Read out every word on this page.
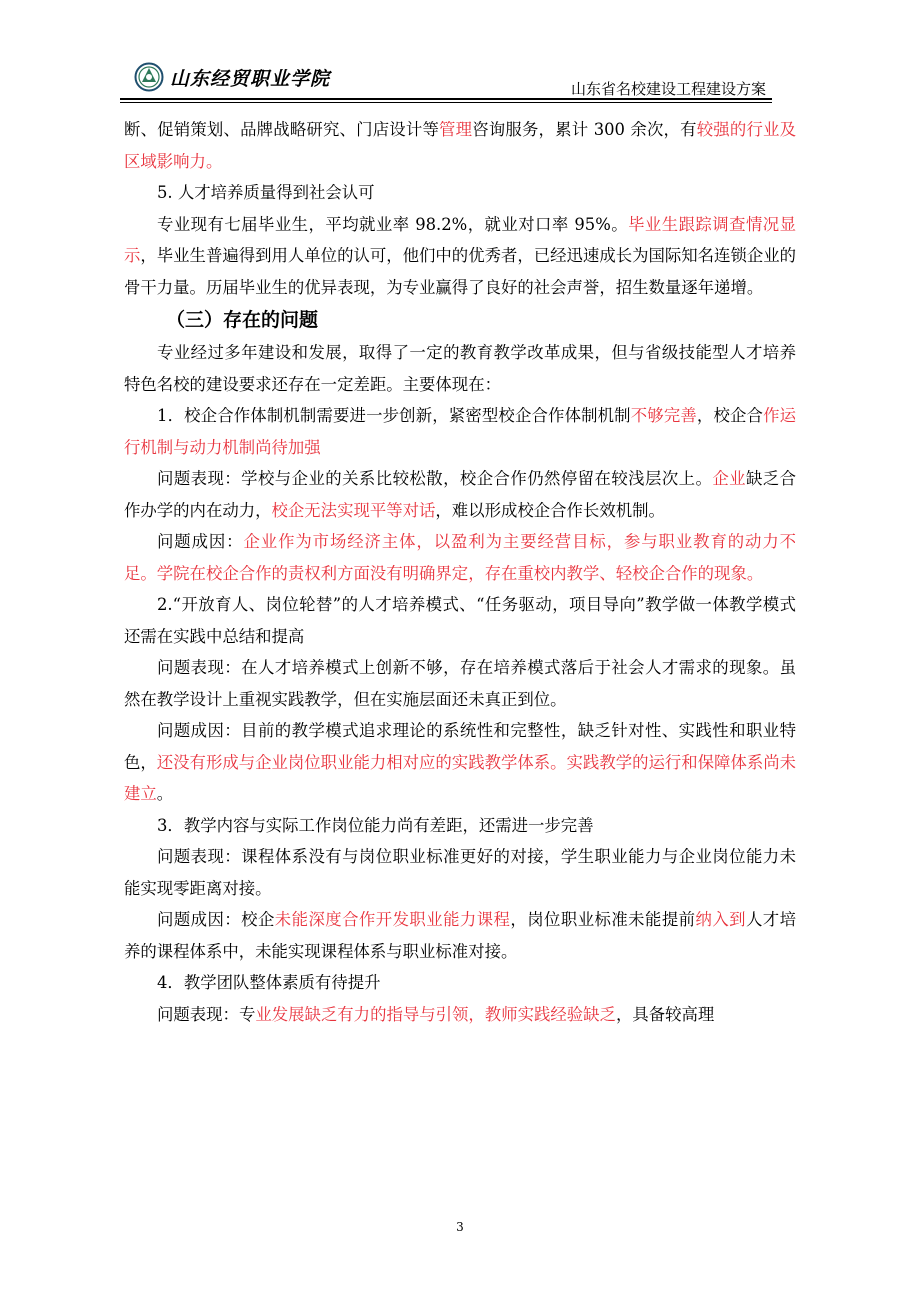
山东经贸职业学院	山东省名校建设工程建设方案

断、促销策划、品牌战略研究、门店设计等管理咨询服务，累计 300 余次，有较强的行业及区域影响力。

5. 人才培养质量得到社会认可

专业现有七届毕业生，平均就业率 98.2%，就业对口率 95%。毕业生跟踪调查情况显示，毕业生普遍得到用人单位的认可，他们中的优秀者，已经迅速成长为国际知名连锁企业的骨干力量。历届毕业生的优异表现，为专业赢得了良好的社会声誉，招生数量逐年递增。

（三）存在的问题

专业经过多年建设和发展，取得了一定的教育教学改革成果，但与省级技能型人才培养特色名校的建设要求还存在一定差距。主要体现在：

1．校企合作体制机制需要进一步创新，紧密型校企合作体制机制不够完善，校企合作运行机制与动力机制尚待加强

问题表现：学校与企业的关系比较松散，校企合作仍然停留在较浅层次上。企业缺乏合作办学的内在动力，校企无法实现平等对话，难以形成校企合作长效机制。

问题成因：企业作为市场经济主体，以盈利为主要经营目标，参与职业教育的动力不足。学院在校企合作的责权利方面没有明确界定，存在重校内教学、轻校企合作的现象。

2.“开放育人、岗位轮替”的人才培养模式、“任务驱动，项目导向”教学做一体教学模式还需在实践中总结和提高

问题表现：在人才培养模式上创新不够，存在培养模式落后于社会人才需求的现象。虽然在教学设计上重视实践教学，但在实施层面还未真正到位。

问题成因：目前的教学模式追求理论的系统性和完整性，缺乏针对性、实践性和职业特色，还没有形成与企业岗位职业能力相对应的实践教学体系。实践教学的运行和保障体系尚未建立。

3．教学内容与实际工作岗位能力尚有差距，还需进一步完善

问题表现：课程体系没有与岗位职业标准更好的对接，学生职业能力与企业岗位能力未能实现零距离对接。

问题成因：校企未能深度合作开发职业能力课程，岗位职业标准未能提前纳入到人才培养的课程体系中，未能实现课程体系与职业标准对接。

4．教学团队整体素质有待提升

问题表现：专业发展缺乏有力的指导与引领，教师实践经验缺乏，具备较高理

3
